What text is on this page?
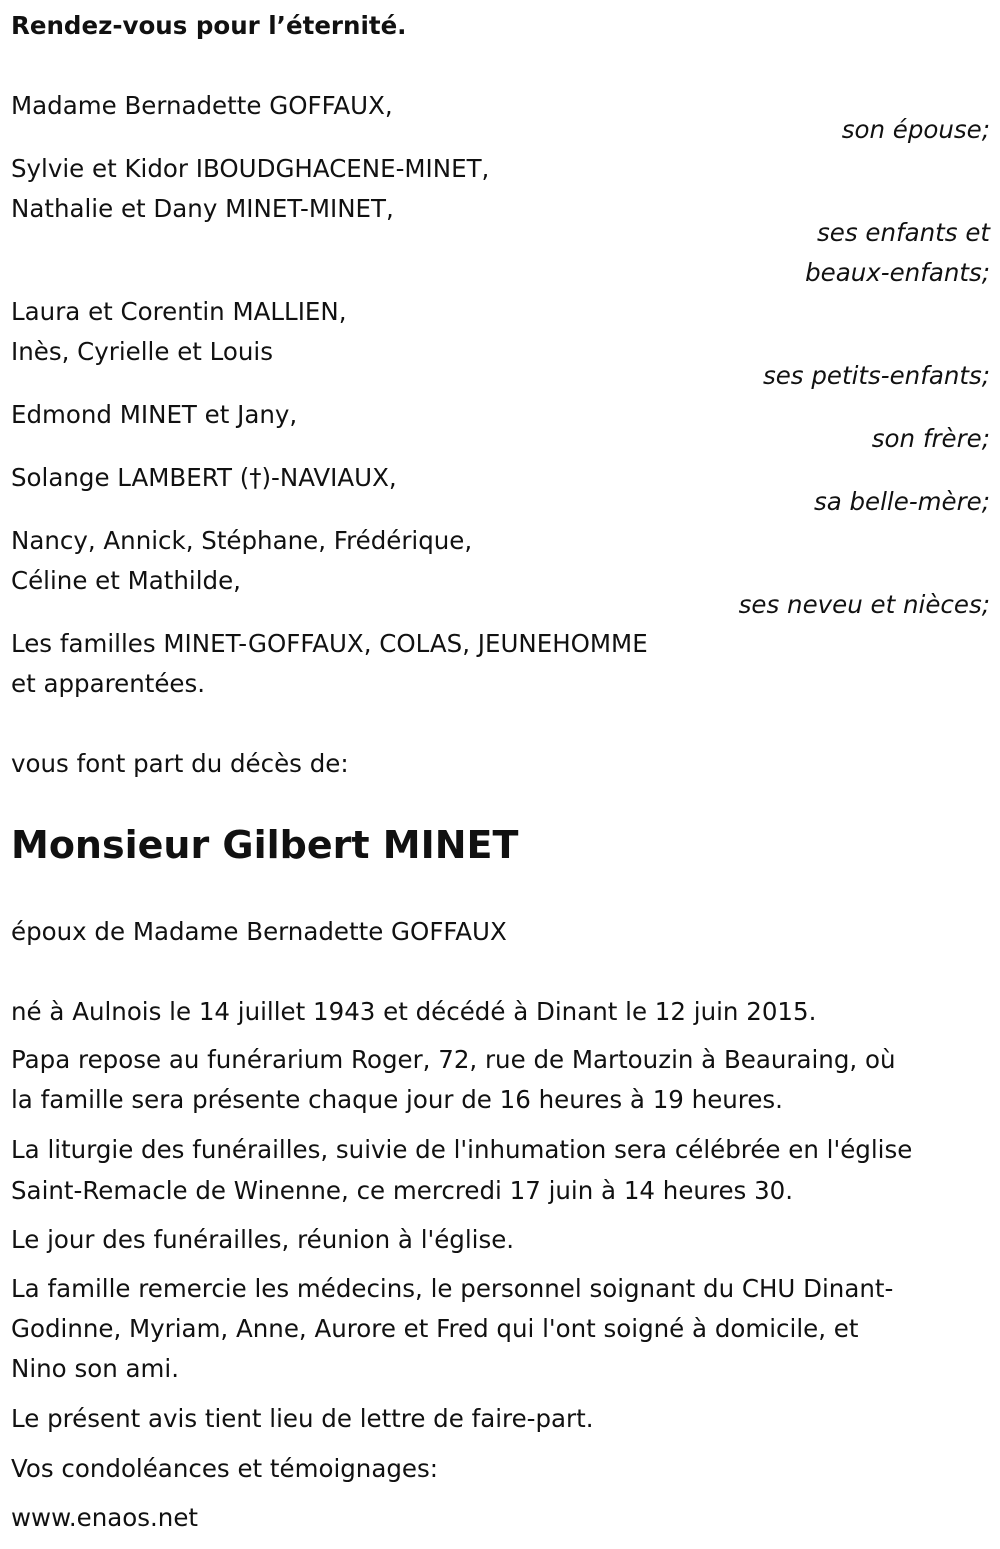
Rendez-vous pour l’éternité.

Madame Bernadette GOFFAUX,

son épouse;

Sylvie et Kidor IBOUDGHACENE-MINET,

Nathalie et Dany MINET-MINET,

ses enfants et

beaux-enfants;

Laura et Corentin MALLIEN,

Inès, Cyrielle et Louis

ses petits-enfants;

Edmond MINET et Jany,

son frère;

Solange LAMBERT (†)-NAVIAUX,

sa belle-mère;

Nancy, Annick, Stéphane, Frédérique,

Céline et Mathilde,

ses neveu et nièces;

Les familles MINET-GOFFAUX, COLAS, JEUNEHOMME

et apparentées.

vous font part du décès de:

Monsieur Gilbert MINET

époux de Madame Bernadette GOFFAUX

né à Aulnois le 14 juillet 1943 et décédé à Dinant le 12 juin 2015.

Papa repose au funérarium Roger, 72, rue de Martouzin à Beauraing, où

la famille sera présente chaque jour de 16 heures à 19 heures.

La liturgie des funérailles, suivie de l'inhumation sera célébrée en l'église

Saint-Remacle de Winenne, ce mercredi 17 juin à 14 heures 30.

Le jour des funérailles, réunion à l'église.

La famille remercie les médecins, le personnel soignant du CHU Dinant-

Godinne, Myriam, Anne, Aurore et Fred qui l'ont soigné à domicile, et

Nino son ami.

Le présent avis tient lieu de lettre de faire-part.

Vos condoléances et témoignages:

www.enaos.net
